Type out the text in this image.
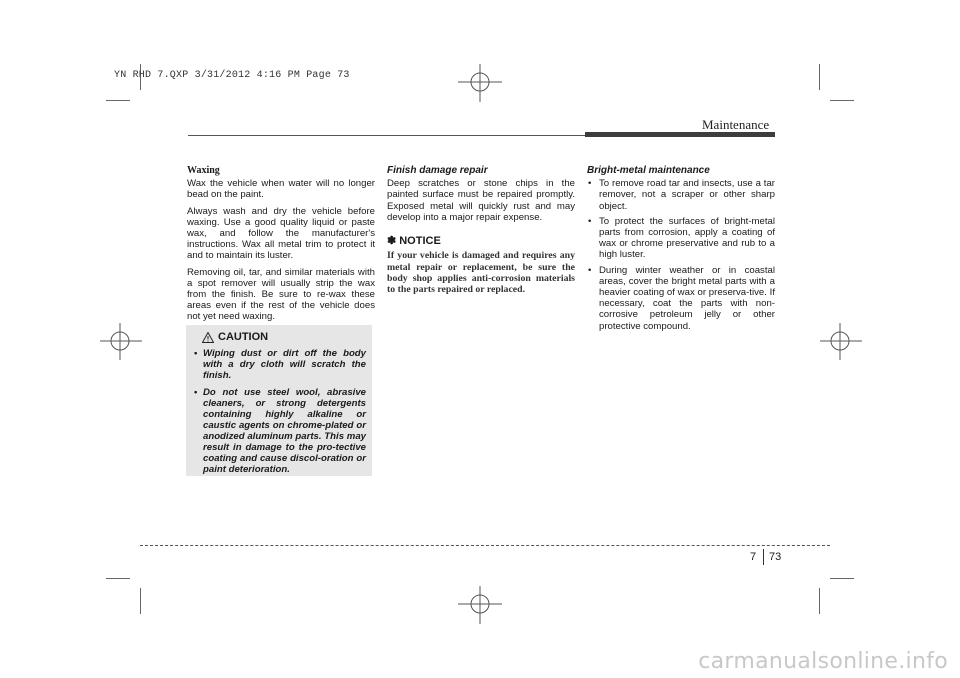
YN RHD 7.QXP 3/31/2012 4:16 PM Page 73
Maintenance
Waxing

Wax the vehicle when water will no longer bead on the paint.

Always wash and dry the vehicle before waxing. Use a good quality liquid or paste wax, and follow the manufacturer's instructions. Wax all metal trim to protect it and to maintain its luster.

Removing oil, tar, and similar materials with a spot remover will usually strip the wax from the finish. Be sure to re-wax these areas even if the rest of the vehicle does not yet need waxing.

CAUTION
• Wiping dust or dirt off the body with a dry cloth will scratch the finish.
• Do not use steel wool, abrasive cleaners, or strong detergents containing highly alkaline or caustic agents on chrome-plated or anodized aluminum parts. This may result in damage to the pro-tective coating and cause discol-oration or paint deterioration.
Finish damage repair

Deep scratches or stone chips in the painted surface must be repaired promptly. Exposed metal will quickly rust and may develop into a major repair expense.

✽ NOTICE
If your vehicle is damaged and requires any metal repair or replacement, be sure the body shop applies anti-corrosion materials to the parts repaired or replaced.
Bright-metal maintenance
• To remove road tar and insects, use a tar remover, not a scraper or other sharp object.
• To protect the surfaces of bright-metal parts from corrosion, apply a coating of wax or chrome preservative and rub to a high luster.
• During winter weather or in coastal areas, cover the bright metal parts with a heavier coating of wax or preserva-tive. If necessary, coat the parts with non-corrosive petroleum jelly or other protective compound.
7 73
carmanualsonline.info
